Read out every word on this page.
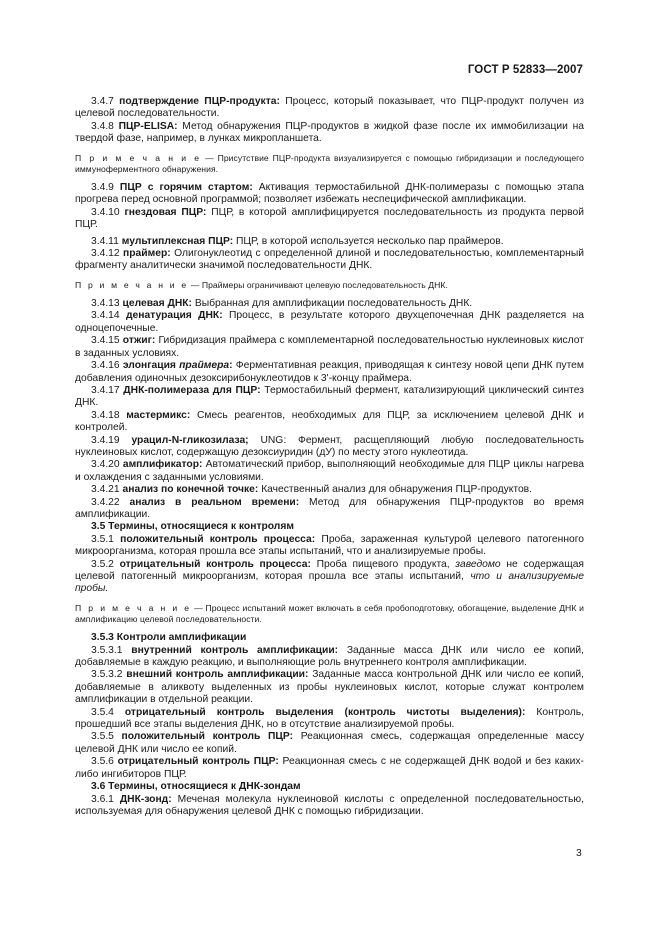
ГОСТ Р 52833—2007

3.4.7 подтверждение ПЦР-продукта: Процесс, который показывает, что ПЦР-продукт получен из целевой последовательности.

3.4.8 ПЦР-ELISA: Метод обнаружения ПЦР-продуктов в жидкой фазе после их иммобилизации на твердой фазе, например, в лунках микропланшета.

П р и м е ч а н и е — Присутствие ПЦР-продукта визуализируется с помощью гибридизации и последующего иммуноферментного обнаружения.

3.4.9 ПЦР с горячим стартом: Активация термостабильной ДНК-полимеразы с помощью этапа прогрева перед основной программой; позволяет избежать неспецифической амплификации.

3.4.10 гнездовая ПЦР: ПЦР, в которой амплифицируется последовательность из продукта первой ПЦР.

3.4.11 мультиплексная ПЦР: ПЦР, в которой используется несколько пар праймеров.

3.4.12 праймер: Олигонуклеотид с определенной длиной и последовательностью, комплементарный фрагменту аналитически значимой последовательности ДНК.

П р и м е ч а н и е — Праймеры ограничивают целевую последовательность ДНК.

3.4.13 целевая ДНК: Выбранная для амплификации последовательность ДНК.

3.4.14 денатурация ДНК: Процесс, в результате которого двухцепочечная ДНК разделяется на одноцепочечные.

3.4.15 отжиг: Гибридизация праймера с комплементарной последовательностью нуклеиновых кислот в заданных условиях.

3.4.16 элонгация праймера: Ферментативная реакция, приводящая к синтезу новой цепи ДНК путем добавления одиночных дезоксирибонуклеотидов к 3'-концу праймера.

3.4.17 ДНК-полимераза для ПЦР: Термостабильный фермент, катализирующий циклический синтез ДНК.

3.4.18 мастермикс: Смесь реагентов, необходимых для ПЦР, за исключением целевой ДНК и контролей.

3.4.19 урацил-N-гликозилаза; UNG: Фермент, расщепляющий любую последовательность нуклеиновых кислот, содержащую дезоксиуридин (дУ) по месту этого нуклеотида.

3.4.20 амплификатор: Автоматический прибор, выполняющий необходимые для ПЦР циклы нагрева и охлаждения с заданными условиями.

3.4.21 анализ по конечной точке: Качественный анализ для обнаружения ПЦР-продуктов.

3.4.22 анализ в реальном времени: Метод для обнаружения ПЦР-продуктов во время амплификации.

3.5 Термины, относящиеся к контролям

3.5.1 положительный контроль процесса: Проба, зараженная культурой целевого патогенного микроорганизма, которая прошла все этапы испытаний, что и анализируемые пробы.

3.5.2 отрицательный контроль процесса: Проба пищевого продукта, заведомо не содержащая целевой патогенный микроорганизм, которая прошла все этапы испытаний, что и анализируемые пробы.

П р и м е ч а н и е — Процесс испытаний может включать в себя пробоподготовку, обогащение, выделение ДНК и амплификацию целевой последовательности.

3.5.3 Контроли амплификации

3.5.3.1 внутренний контроль амплификации: Заданные масса ДНК или число ее копий, добавляемые в каждую реакцию, и выполняющие роль внутреннего контроля амплификации.

3.5.3.2 внешний контроль амплификации: Заданные масса контрольной ДНК или число ее копий, добавляемые в аликвоту выделенных из пробы нуклеиновых кислот, которые служат контролем амплификации в отдельной реакции.

3.5.4 отрицательный контроль выделения (контроль чистоты выделения): Контроль, прошедший все этапы выделения ДНК, но в отсутствие анализируемой пробы.

3.5.5 положительный контроль ПЦР: Реакционная смесь, содержащая определенные массу целевой ДНК или число ее копий.

3.5.6 отрицательный контроль ПЦР: Реакционная смесь с не содержащей ДНК водой и без каких-либо ингибиторов ПЦР.

3.6 Термины, относящиеся к ДНК-зондам

3.6.1 ДНК-зонд: Меченая молекула нуклеиновой кислоты с определенной последовательностью, используемая для обнаружения целевой ДНК с помощью гибридизации.

3
